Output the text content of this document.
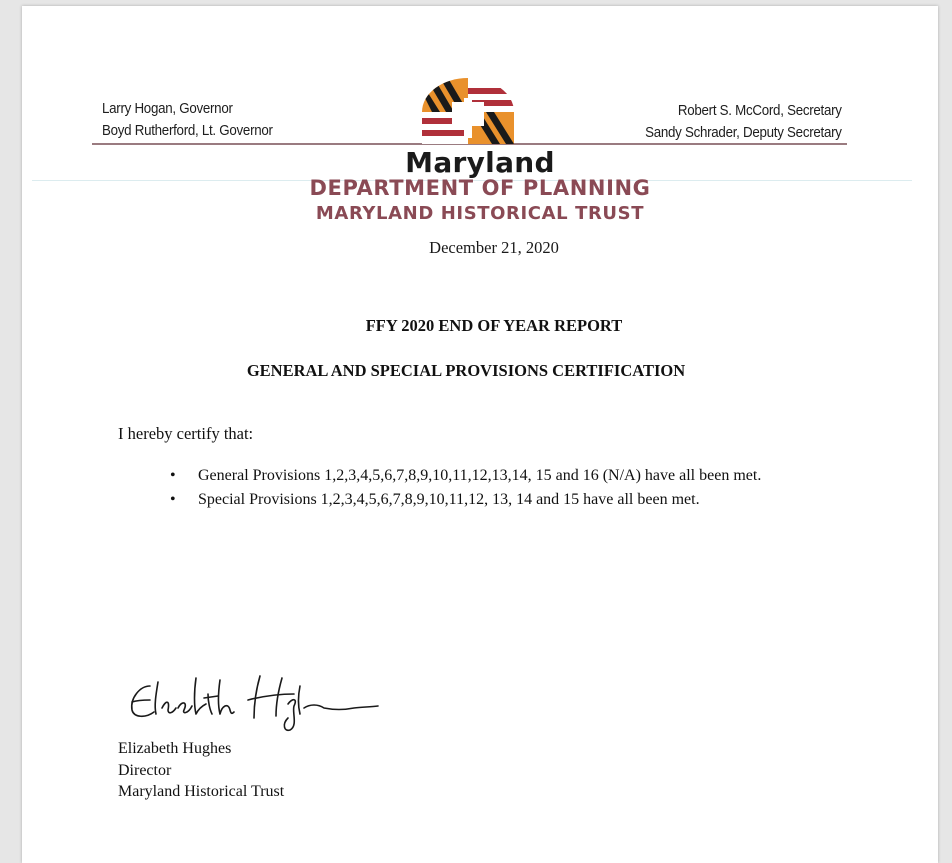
Larry Hogan, Governor
Boyd Rutherford, Lt. Governor
Robert S. McCord, Secretary
Sandy Schrader, Deputy Secretary
Maryland
DEPARTMENT OF PLANNING
MARYLAND HISTORICAL TRUST
December 21, 2020
FFY 2020 END OF YEAR REPORT
GENERAL AND SPECIAL PROVISIONS CERTIFICATION
I hereby certify that:
• General Provisions 1,2,3,4,5,6,7,8,9,10,11,12,13,14, 15 and 16 (N/A) have all been met.
• Special Provisions 1,2,3,4,5,6,7,8,9,10,11,12, 13, 14 and 15 have all been met.
Elizabeth Hughes
Director
Maryland Historical Trust
